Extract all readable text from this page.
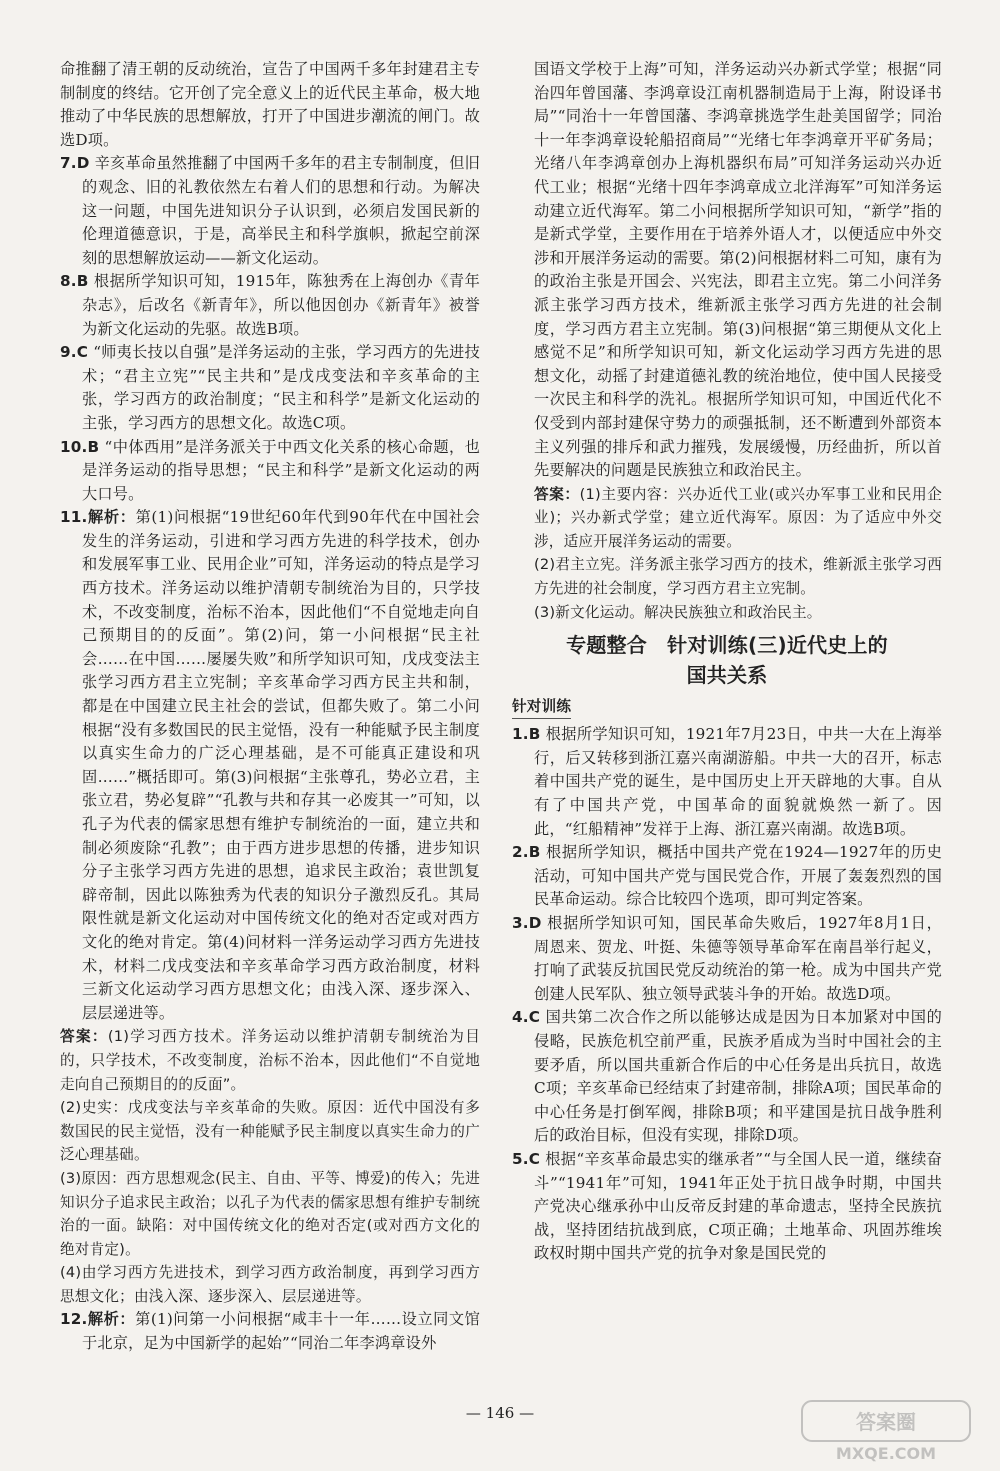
命推翻了清王朝的反动统治，宣告了中国两千多年封建君主专制制度的终结。它开创了完全意义上的近代民主革命，极大地推动了中华民族的思想解放，打开了中国进步潮流的闸门。故选D项。

7.D 辛亥革命虽然推翻了中国两千多年的君主专制制度，但旧的观念、旧的礼教依然左右着人们的思想和行动。为解决这一问题，中国先进知识分子认识到，必须启发国民新的伦理道德意识，于是，高举民主和科学旗帜，掀起空前深刻的思想解放运动——新文化运动。

8.B 根据所学知识可知，1915年，陈独秀在上海创办《青年杂志》，后改名《新青年》，所以他因创办《新青年》被誉为新文化运动的先驱。故选B项。

9.C “师夷长技以自强”是洋务运动的主张，学习西方的先进技术；“君主立宪”“民主共和”是戊戌变法和辛亥革命的主张，学习西方的政治制度；“民主和科学”是新文化运动的主张，学习西方的思想文化。故选C项。

10.B “中体西用”是洋务派关于中西文化关系的核心命题，也是洋务运动的指导思想；“民主和科学”是新文化运动的两大口号。

11.解析：第(1)问根据“19世纪60年代到90年代在中国社会发生的洋务运动，引进和学习西方先进的科学技术，创办和发展军事工业、民用企业”可知，洋务运动的特点是学习西方技术。洋务运动以维护清朝专制统治为目的，只学技术，不改变制度，治标不治本，因此他们“不自觉地走向自己预期目的的反面”。第(2)问，第一小问根据“民主社会……在中国……屡屡失败”和所学知识可知，戊戌变法主张学习西方君主立宪制；辛亥革命学习西方民主共和制，都是在中国建立民主社会的尝试，但都失败了。第二小问根据“没有多数国民的民主觉悟，没有一种能赋予民主制度以真实生命力的广泛心理基础，是不可能真正建设和巩固……”概括即可。第(3)问根据“主张尊孔，势必立君，主张立君，势必复辟”“孔教与共和存其一必废其一”可知，以孔子为代表的儒家思想有维护专制统治的一面，建立共和制必须废除“孔教”；由于西方进步思想的传播，进步知识分子主张学习西方先进的思想，追求民主政治；袁世凯复辟帝制，因此以陈独秀为代表的知识分子激烈反孔。其局限性就是新文化运动对中国传统文化的绝对否定或对西方文化的绝对肯定。第(4)问材料一洋务运动学习西方先进技术，材料二戊戌变法和辛亥革命学习西方政治制度，材料三新文化运动学习西方思想文化；由浅入深、逐步深入、层层递进等。

答案：(1)学习西方技术。洋务运动以维护清朝专制统治为目的，只学技术，不改变制度，治标不治本，因此他们“不自觉地走向自己预期目的的反面”。

(2)史实：戊戌变法与辛亥革命的失败。原因：近代中国没有多数国民的民主觉悟，没有一种能赋予民主制度以真实生命力的广泛心理基础。

(3)原因：西方思想观念(民主、自由、平等、博爱)的传入；先进知识分子追求民主政治；以孔子为代表的儒家思想有维护专制统治的一面。缺陷：对中国传统文化的绝对否定(或对西方文化的绝对肯定)。

(4)由学习西方先进技术，到学习西方政治制度，再到学习西方思想文化；由浅入深、逐步深入、层层递进等。

12.解析：第(1)问第一小问根据“咸丰十一年……设立同文馆于北京，足为中国新学的起始”“同治二年李鸿章设外

国语文学校于上海”可知，洋务运动兴办新式学堂；根据“同治四年曾国藩、李鸿章设江南机器制造局于上海，附设译书局”“同治十一年曾国藩、李鸿章挑选学生赴美国留学；同治十一年李鸿章设轮船招商局”“光绪七年李鸿章开平矿务局；光绪八年李鸿章创办上海机器织布局”可知洋务运动兴办近代工业；根据“光绪十四年李鸿章成立北洋海军”可知洋务运动建立近代海军。第二小问根据所学知识可知，“新学”指的是新式学堂，主要作用在于培养外语人才，以便适应中外交涉和开展洋务运动的需要。第(2)问根据材料二可知，康有为的政治主张是开国会、兴宪法，即君主立宪。第二小问洋务派主张学习西方技术，维新派主张学习西方先进的社会制度，学习西方君主立宪制。第(3)问根据“第三期便从文化上感觉不足”和所学知识可知，新文化运动学习西方先进的思想文化，动摇了封建道德礼教的统治地位，使中国人民接受一次民主和科学的洗礼。根据所学知识可知，中国近代化不仅受到内部封建保守势力的顽强抵制，还不断遭到外部资本主义列强的排斥和武力摧残，发展缓慢，历经曲折，所以首先要解决的问题是民族独立和政治民主。

答案：(1)主要内容：兴办近代工业(或兴办军事工业和民用企业)；兴办新式学堂；建立近代海军。原因：为了适应中外交涉，适应开展洋务运动的需要。

(2)君主立宪。洋务派主张学习西方的技术，维新派主张学习西方先进的社会制度，学习西方君主立宪制。

(3)新文化运动。解决民族独立和政治民主。

专题整合　针对训练(三)近代史上的
国共关系
针对训练

1.B 根据所学知识可知，1921年7月23日，中共一大在上海举行，后又转移到浙江嘉兴南湖游船。中共一大的召开，标志着中国共产党的诞生，是中国历史上开天辟地的大事。自从有了中国共产党，中国革命的面貌就焕然一新了。因此，“红船精神”发祥于上海、浙江嘉兴南湖。故选B项。

2.B 根据所学知识，概括中国共产党在1924—1927年的历史活动，可知中国共产党与国民党合作，开展了轰轰烈烈的国民革命运动。综合比较四个选项，即可判定答案。

3.D 根据所学知识可知，国民革命失败后，1927年8月1日，周恩来、贺龙、叶挺、朱德等领导革命军在南昌举行起义，打响了武装反抗国民党反动统治的第一枪。成为中国共产党创建人民军队、独立领导武装斗争的开始。故选D项。

4.C 国共第二次合作之所以能够达成是因为日本加紧对中国的侵略，民族危机空前严重，民族矛盾成为当时中国社会的主要矛盾，所以国共重新合作后的中心任务是出兵抗日，故选C项；辛亥革命已经结束了封建帝制，排除A项；国民革命的中心任务是打倒军阀，排除B项；和平建国是抗日战争胜利后的政治目标，但没有实现，排除D项。

5.C 根据“辛亥革命最忠实的继承者”“与全国人民一道，继续奋斗”“1941年”可知，1941年正处于抗日战争时期，中国共产党决心继承孙中山反帝反封建的革命遗志，坚持全民族抗战，坚持团结抗战到底，C项正确；土地革命、巩固苏维埃政权时期中国共产党的抗争对象是国民党的

— 146 —	答案圈
MXQE.COM
